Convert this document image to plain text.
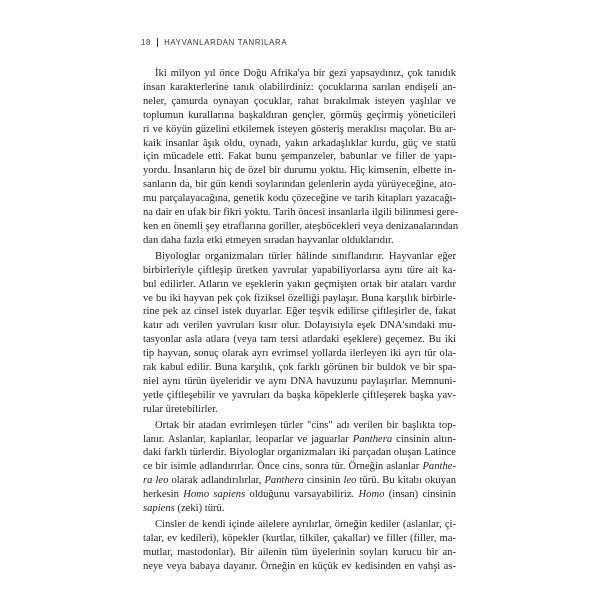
18 HAYVANLARDAN TANRILARA

İki milyon yıl önce Doğu Afrika'ya bir gezi yapsaydınız, çok tanıdık
insan karakterlerine tanık olabilirdiniz: çocuklarına sarılan endişeli an-
neler, çamurda oynayan çocuklar, rahat bırakılmak isteyen yaşlılar ve
toplumun kurallarına başkaldıran gençler, görmüş geçirmiş yöneticileri
ri ve köyün güzelini etkilemek isteyen gösteriş meraklısı maçolar. Bu ar-
kaik insanlar âşık oldu, oynadı, yakın arkadaşlıklar kurdu, güç ve statü
için mücadele etti. Fakat bunu şempanzeler, babunlar ve filler de yapı-
yordu. İnsanların hiç de özel bir durumu yoktu. Hiç kimsenin, elbette in-
sanların da, bir gün kendi soylarından gelenlerin ayda yürüyeceğine, ato-
mu parçalayacağına, genetik kodu çözeceğine ve tarih kitapları yazacağı-
na dair en ufak bir fikri yoktu. Tarih öncesi insanlarla ilgili bilinmesi gere-
ken en önemli şey etraflarına goriller, ateşböcekleri veya denizanalarından
dan daha fazla etki etmeyen sıradan hayvanlar olduklarıdır.

Biyologlar organizmaları türler hâlinde sınıflandırır. Hayvanlar eğer
birbirleriyle çiftleşip üretken yavrular yapabiliyorlarsa aynı türe ait ka-
bul edilirler. Atların ve eşeklerin yakın geçmişten ortak bir ataları vardır
ve bu iki hayvan pek çok fiziksel özelliği paylaşır. Buna karşılık birbirle-
rine pek az cinsel istek duyarlar. Eğer teşvik edilirse çiftleşirler de, fakat
katır adı verilen yavruları kısır olur. Dolayısıyla eşek DNA'sındaki mu-
tasyonlar asla atlara (veya tam tersi atlardaki eşeklere) geçemez. Bu iki
tip hayvan, sonuç olarak ayrı evrimsel yollarda ilerleyen iki ayrı tür ola-
rak kabul edilir. Buna karşılık, çok farklı görünen bir buldok ve bir spa-
niel aynı türün üyeleridir ve aynı DNA havuzunu paylaşırlar. Memnuni-
yetle çiftleşebilir ve yavruları da başka köpeklerle çiftleşerek başka yav-
rular üretebilirler.

Ortak bir atadan evrimleşen türler "cins" adı verilen bir başlıkta top-
lanır. Aslanlar, kaplanlar, leoparlar ve jaguarlar Panthera cinsinin altın-
daki farklı türlerdir. Biyologlar organizmaları iki parçadan oluşan Latince
ce bir isimle adlandırırlar. Önce cins, sonra tür. Örneğin aslanlar Panthe-
ra leo olarak adlandırılırlar, Panthera cinsinin leo türü. Bu kitabı okuyan
herkesin Homo sapiens olduğunu varsayabiliriz. Homo (insan) cinsinin
sapiens (zeki) türü.

Cinsler de kendi içinde ailelere ayrılırlar, örneğin kediler (aslanlar, çi-
talar, ev kedileri), köpekler (kurtlar, tilkiler, çakallar) ve filler (filler, ma-
mutlar, mastodonlar). Bir ailenin tüm üyelerinin soyları kurucu bir an-
neye veya babaya dayanır. Örneğin en küçük ev kedisinden en vahşi as-
